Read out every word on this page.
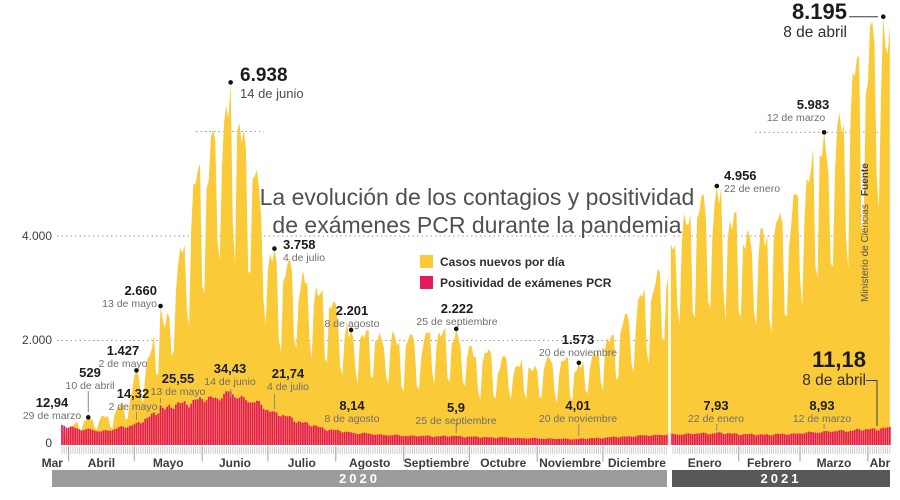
La evolución de los contagios y positividad
de exámenes PCR durante la pandemia
Casos nuevos por día
Positividad de exámenes PCR
4.000
2.000
0
2020	2021
Ministerio de CienciasFuente
529
10 de abril
1.427
2 de mayo
2.660
13 de mayo
6.938
14 de junio
3.758
4 de julio
2.201
8 de agosto
2.222
25 de septiembre
1.573
20 de noviembre
4.956
22 de enero
5.983
12 de marzo
8.195
8 de abril
12,94
29 de marzo
14,32
2 de mayo
25,55
13 de mayo
34,43
14 de junio
21,74
4 de julio
8,14
8 de agosto
5,9
25 de septiembre
4,01
20 de noviembre
7,93
22 de enero
8,93
12 de marzo
11,18
8 de abril
Mar Abril	Mayo	Junio	Julio	Agosto Septiembre Octubre Noviembre Diciembre Enero Febrero Marzo Abr
